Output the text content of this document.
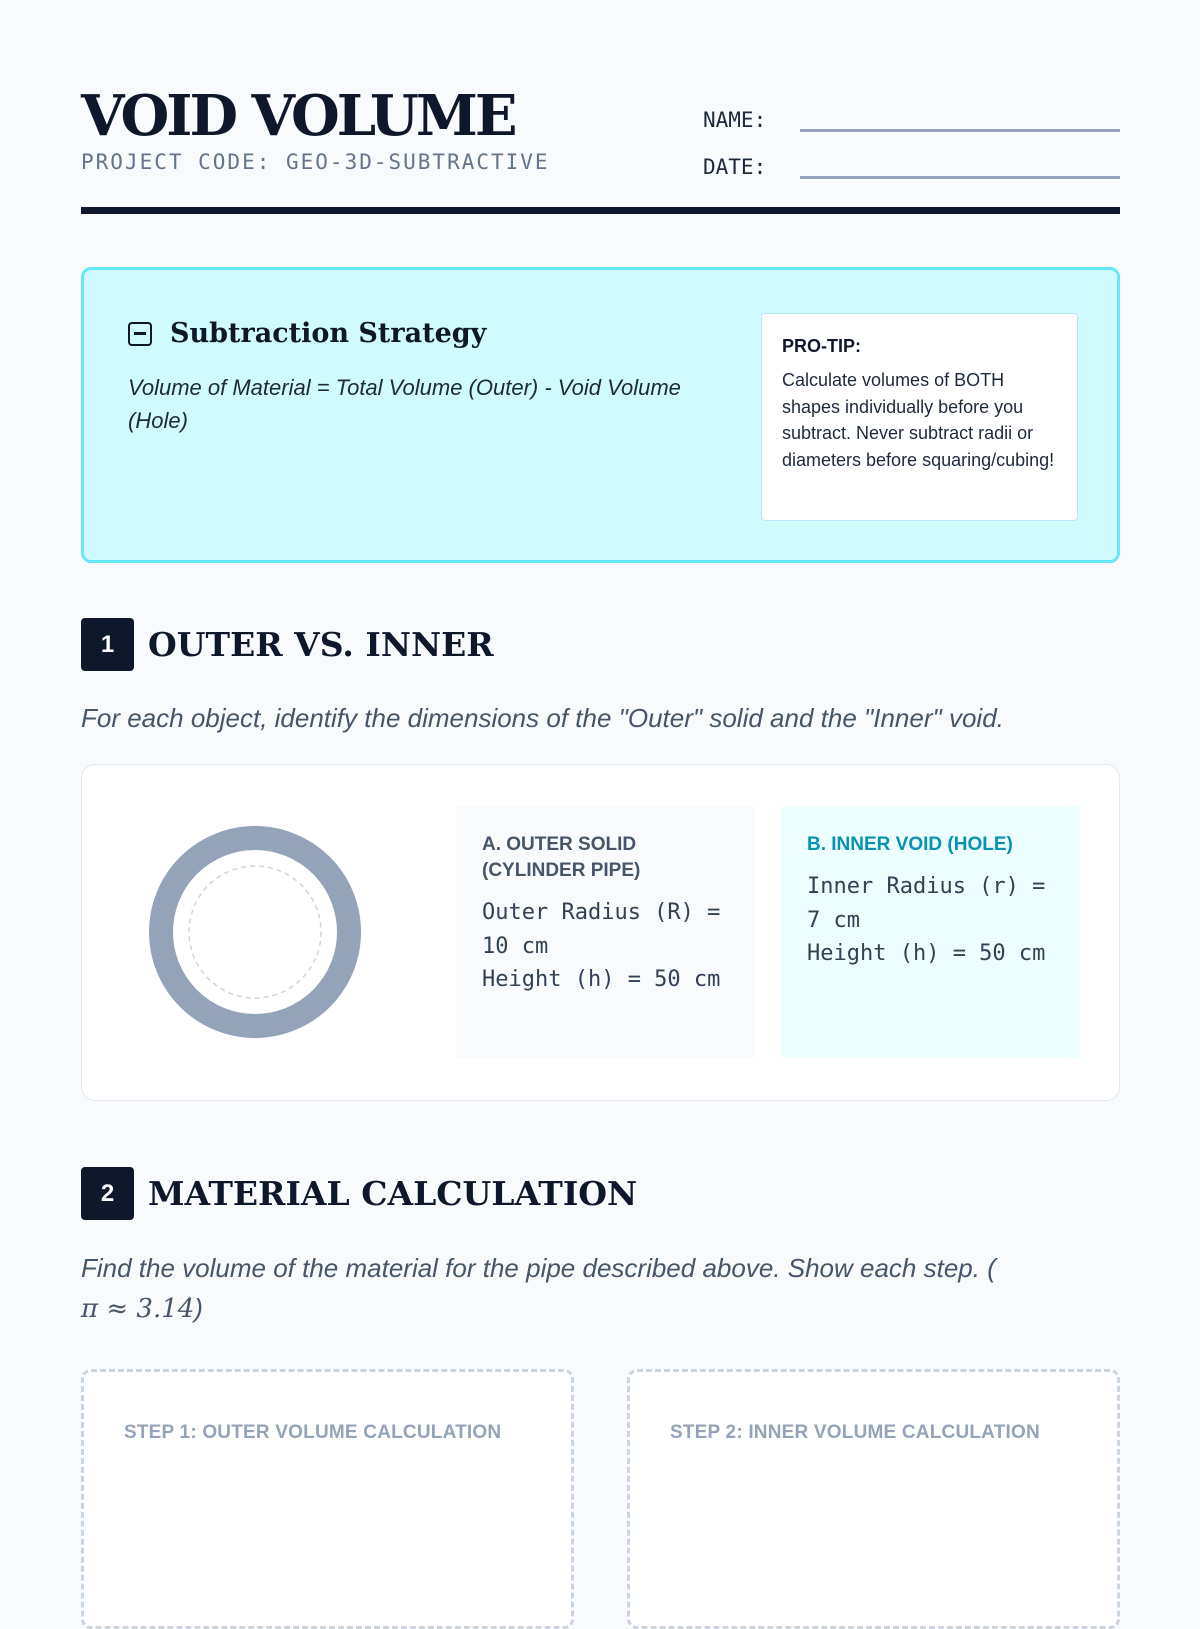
VOID VOLUME
PROJECT CODE: GEO-3D-SUBTRACTIVE
NAME:
DATE:
Subtraction Strategy
Volume of Material = Total Volume (Outer) - Void Volume (Hole)
PRO-TIP:
Calculate volumes of BOTH shapes individually before you subtract. Never subtract radii or diameters before squaring/cubing!
1	OUTER VS. INNER
For each object, identify the dimensions of the "Outer" solid and the "Inner" void.
A. OUTER SOLID (CYLINDER PIPE)
Outer Radius (R) = 10 cm
Height (h) = 50 cm
B. INNER VOID (HOLE)
Inner Radius (r) = 7 cm
Height (h) = 50 cm
2	MATERIAL CALCULATION
Find the volume of the material for the pipe described above. Show each step. (
π ≈ 3.14)
STEP 1: OUTER VOLUME CALCULATION	STEP 2: INNER VOLUME CALCULATION
